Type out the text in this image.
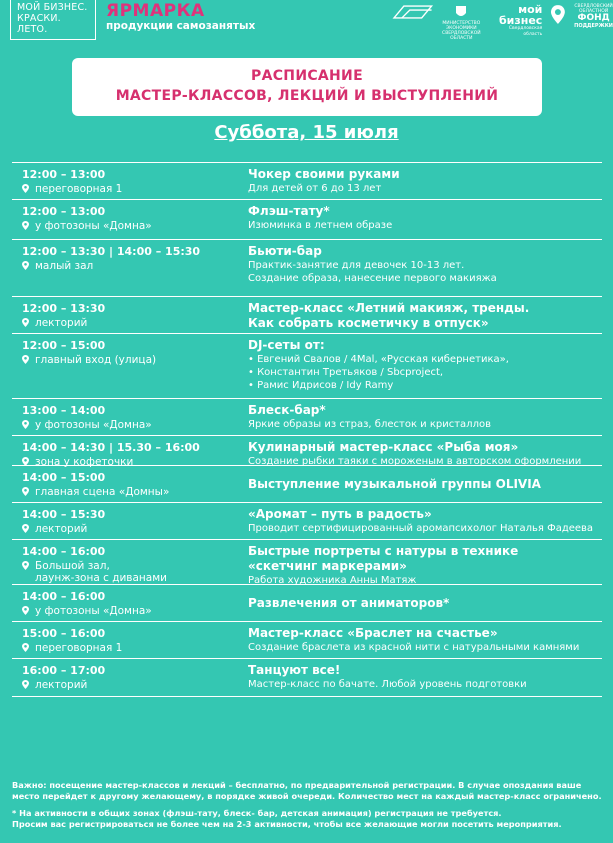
МОЙ БИЗНЕС.
КРАСКИ.
ЛЕТО.
ЯРМАРКА
продукции самозанятых	МИНИСТЕРСТВО ЭКОНОМИКИ
СВЕРДЛОВСКОЙ ОБЛАСТИ
мой
бизнес
Свердловская область
СВЕРДЛОВСКИЙ
ОБЛАСТНОЙ
ФОНД
ПОДДЕРЖКИ
РАСПИСАНИЕ
МАСТЕР-КЛАССОВ, ЛЕКЦИЙ И ВЫСТУПЛЕНИЙ
Суббота, 15 июля
12:00 – 13:00
переговорная 1
Чокер своими руками
Для детей от 6 до 13 лет
12:00 – 13:00
у фотозоны «Домна»
Флэш-тату*
Изюминка в летнем образе
12:00 – 13:30 | 14:00 – 15:30
малый зал
Бьюти-бар
Практик-занятие для девочек 10-13 лет.
Создание образа, нанесение первого макияжа
12:00 – 13:30
лекторий
Мастер-класс «Летний макияж, тренды.
Как собрать косметичку в отпуск»
12:00 – 15:00
главный вход (улица)
DJ-сеты от:
• Евгений Свалов / 4Mal, «Русская кибернетика»,
• Константин Третьяков / Sbcproject,
• Рамис Идрисов / Idy Ramy
13:00 – 14:00
у фотозоны «Домна»
Блеск-бар*
Яркие образы из страз, блесток и кристаллов
14:00 – 14:30 | 15.30 – 16:00
зона у кофеточки
Кулинарный мастер-класс «Рыба моя»
Создание рыбки таяки с мороженым в авторском оформлении
14:00 – 15:00
главная сцена «Домны»
Выступление музыкальной группы OLIVIA
14:00 – 15:30
лекторий
«Аромат – путь в радость»
Проводит сертифицированный аромапсихолог Наталья Фадеева
14:00 – 16:00
Большой зал,
лаунж-зона с диванами
Быстрые портреты с натуры в технике
«скетчинг маркерами»
Работа художника Анны Матяж
14:00 – 16:00
у фотозоны «Домна»
Развлечения от аниматоров*
15:00 – 16:00
переговорная 1
Мастер-класс «Браслет на счастье»
Создание браслета из красной нити с натуральными камнями
16:00 – 17:00
лекторий
Танцуют все!
Мастер-класс по бачате. Любой уровень подготовки

Важно: посещение мастер-классов и лекций – бесплатно, по предварительной регистрации. В случае опоздания ваше место перейдет к другому желающему, в порядке живой очереди. Количество мест на каждый мастер-класс ограничено.

* На активности в общих зонах (флэш-тату, блеск- бар, детская анимация) регистрация не требуется.

Просим вас регистрироваться не более чем на 2-3 активности, чтобы все желающие могли посетить мероприятия.
